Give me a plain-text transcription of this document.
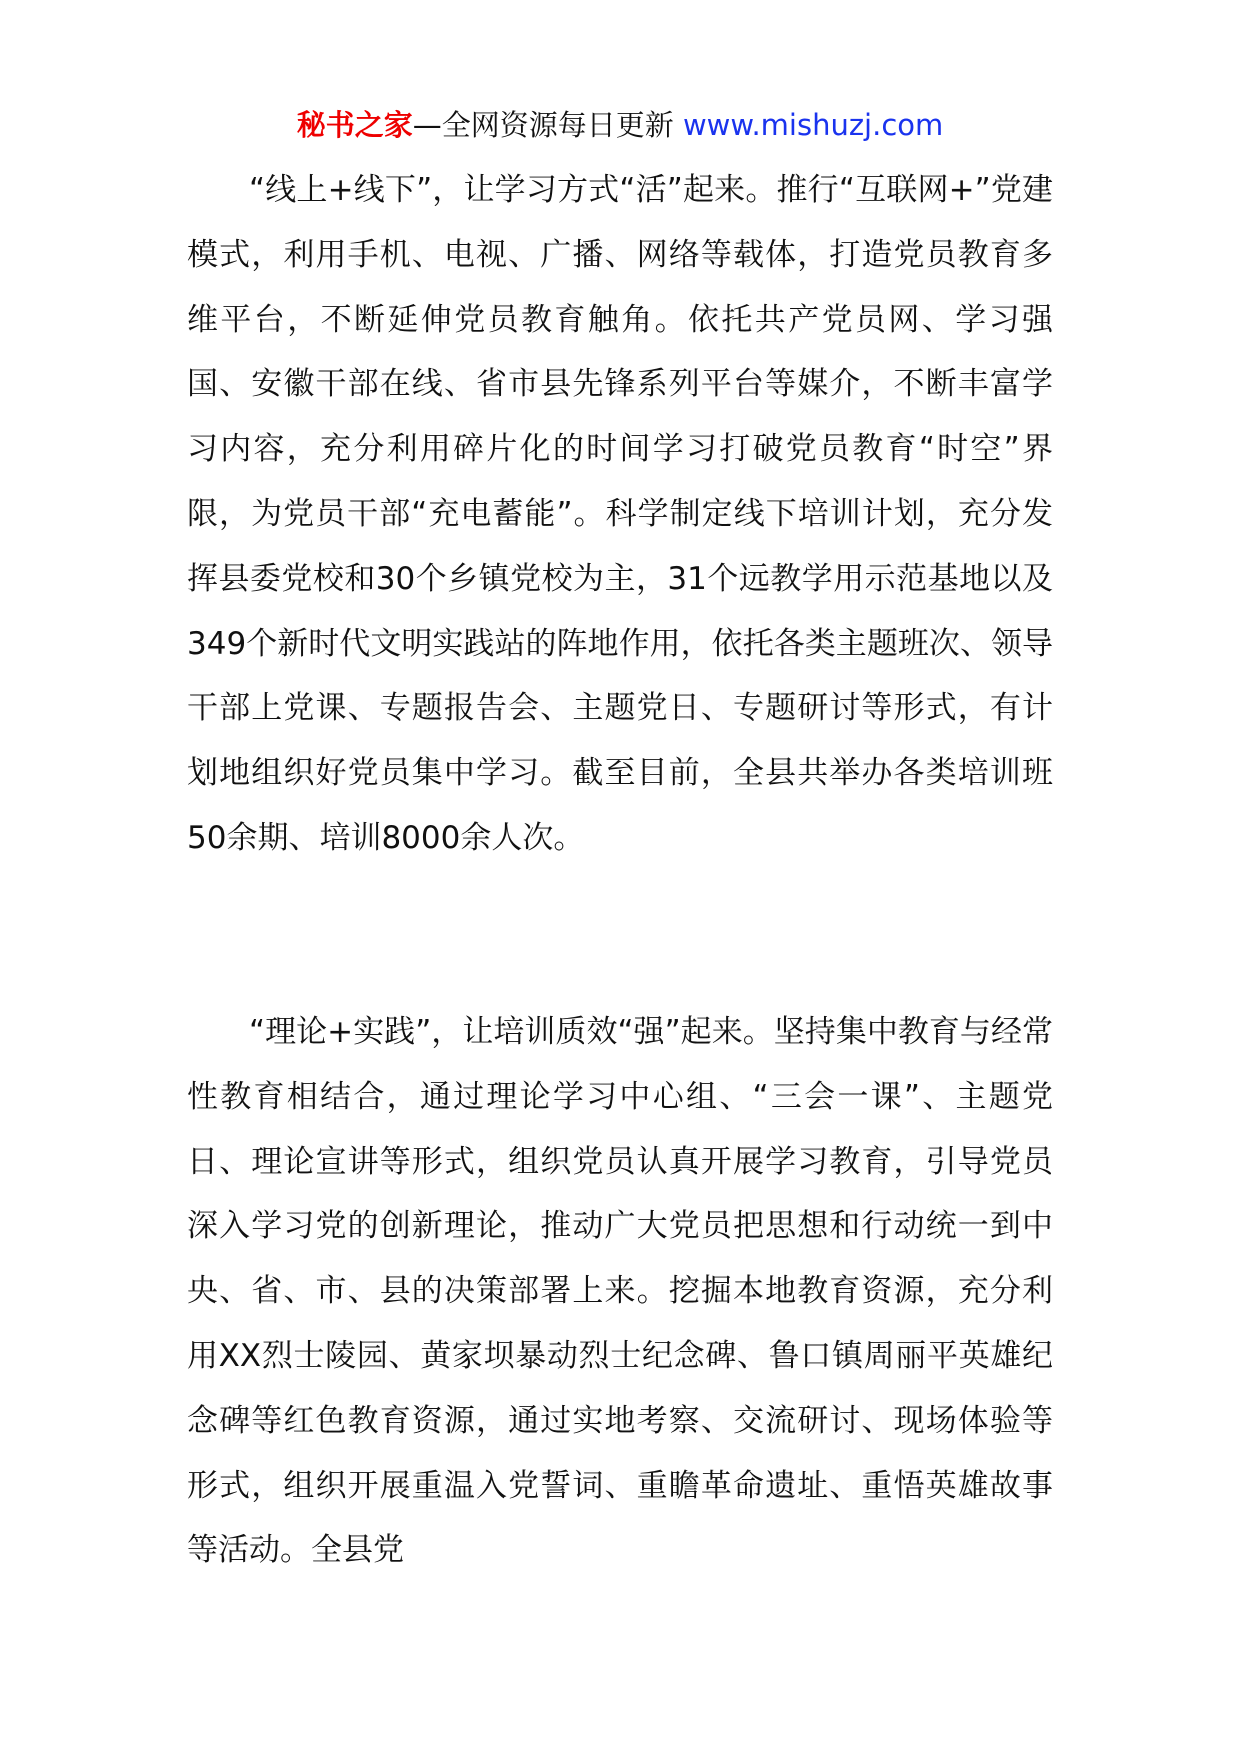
秘书之家—全网资源每日更新 www.mishuzj.com

“线上+线下”，让学习方式“活”起来。推行“互联网+”党建模式，利用手机、电视、广播、网络等载体，打造党员教育多维平台，不断延伸党员教育触角。依托共产党员网、学习强国、安徽干部在线、省市县先锋系列平台等媒介，不断丰富学习内容，充分利用碎片化的时间学习打破党员教育“时空”界限，为党员干部“充电蓄能”。科学制定线下培训计划，充分发挥县委党校和30个乡镇党校为主，31个远教学用示范基地以及349个新时代文明实践站的阵地作用，依托各类主题班次、领导干部上党课、专题报告会、主题党日、专题研讨等形式，有计划地组织好党员集中学习。截至目前，全县共举办各类培训班50余期、培训8000余人次。

“理论+实践”，让培训质效“强”起来。坚持集中教育与经常性教育相结合，通过理论学习中心组、“三会一课”、主题党日、理论宣讲等形式，组织党员认真开展学习教育，引导党员深入学习党的创新理论，推动广大党员把思想和行动统一到中央、省、市、县的决策部署上来。挖掘本地教育资源，充分利用XX烈士陵园、黄家坝暴动烈士纪念碑、鲁口镇周丽平英雄纪念碑等红色教育资源，通过实地考察、交流研讨、现场体验等形式，组织开展重温入党誓词、重瞻革命遗址、重悟英雄故事等活动。全县党
